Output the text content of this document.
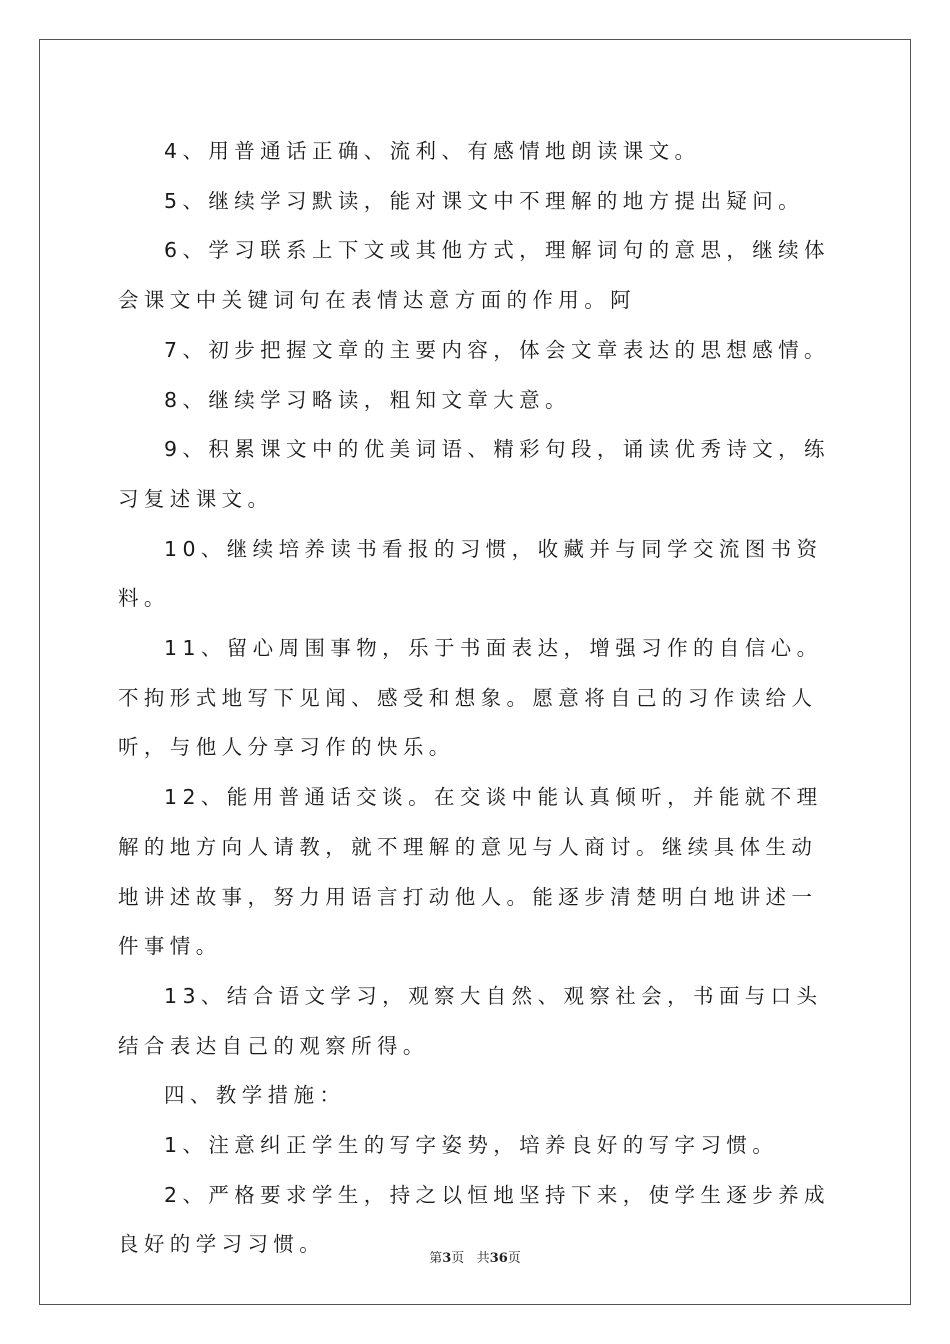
4、用普通话正确、流利、有感情地朗读课文。

5、继续学习默读，能对课文中不理解的地方提出疑问。

6、学习联系上下文或其他方式，理解词句的意思，继续体会课文中关键词句在表情达意方面的作用。阿

7、初步把握文章的主要内容，体会文章表达的思想感情。

8、继续学习略读，粗知文章大意。

9、积累课文中的优美词语、精彩句段，诵读优秀诗文，练习复述课文。

10、继续培养读书看报的习惯，收藏并与同学交流图书资料。

11、留心周围事物，乐于书面表达，增强习作的自信心。不拘形式地写下见闻、感受和想象。愿意将自己的习作读给人听，与他人分享习作的快乐。

12、能用普通话交谈。在交谈中能认真倾听，并能就不理解的地方向人请教，就不理解的意见与人商讨。继续具体生动地讲述故事，努力用语言打动他人。能逐步清楚明白地讲述一件事情。

13、结合语文学习，观察大自然、观察社会，书面与口头结合表达自己的观察所得。

四、教学措施：

1、注意纠正学生的写字姿势，培养良好的写字习惯。

2、严格要求学生，持之以恒地坚持下来，使学生逐步养成良好的学习习惯。

第3页 共36页
